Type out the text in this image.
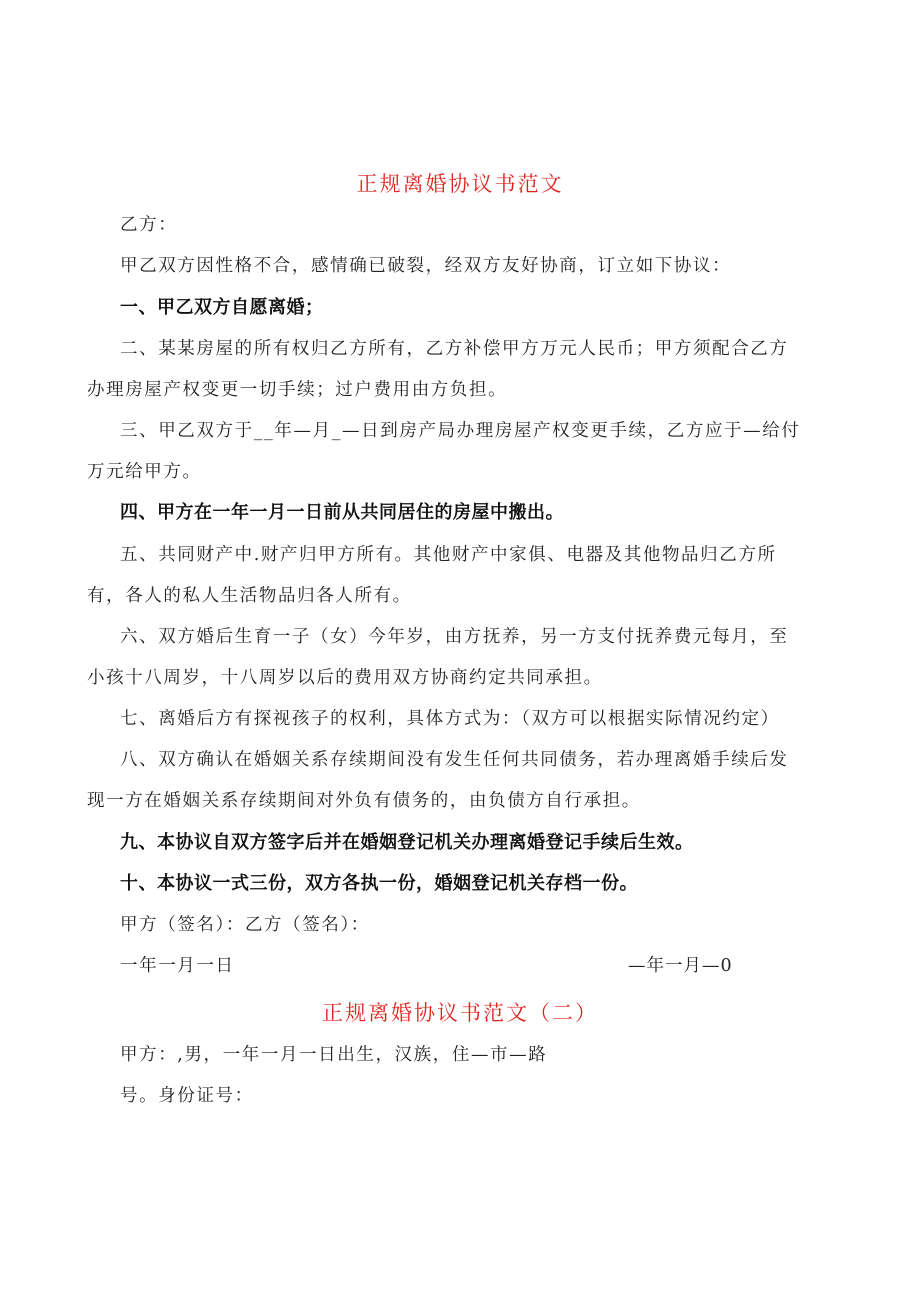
正规离婚协议书范文
乙方：
甲乙双方因性格不合，感情确已破裂，经双方友好协商，订立如下协议：
一、甲乙双方自愿离婚；
二、某某房屋的所有权归乙方所有，乙方补偿甲方万元人民币；甲方须配合乙方
办理房屋产权变更一切手续；过户费用由方负担。
三、甲乙双方于__年—月_—日到房产局办理房屋产权变更手续，乙方应于—给付
万元给甲方。
四、甲方在一年一月一日前从共同居住的房屋中搬出。
五、共同财产中.财产归甲方所有。其他财产中家俱、电器及其他物品归乙方所
有，各人的私人生活物品归各人所有。
六、双方婚后生育一子（女）今年岁，由方抚养，另一方支付抚养费元每月，至
小孩十八周岁，十八周岁以后的费用双方协商约定共同承担。
七、离婚后方有探视孩子的权利，具体方式为：（双方可以根据实际情况约定）
八、双方确认在婚姻关系存续期间没有发生任何共同债务，若办理离婚手续后发
现一方在婚姻关系存续期间对外负有债务的，由负债方自行承担。
九、本协议自双方签字后并在婚姻登记机关办理离婚登记手续后生效。
十、本协议一式三份，双方各执一份，婚姻登记机关存档一份。
甲方（签名）：乙方（签名）：
一年一月一日	—年一月—0
正规离婚协议书范文（二）
甲方：,男，一年一月一日出生，汉族，住—市—路
号。身份证号：
